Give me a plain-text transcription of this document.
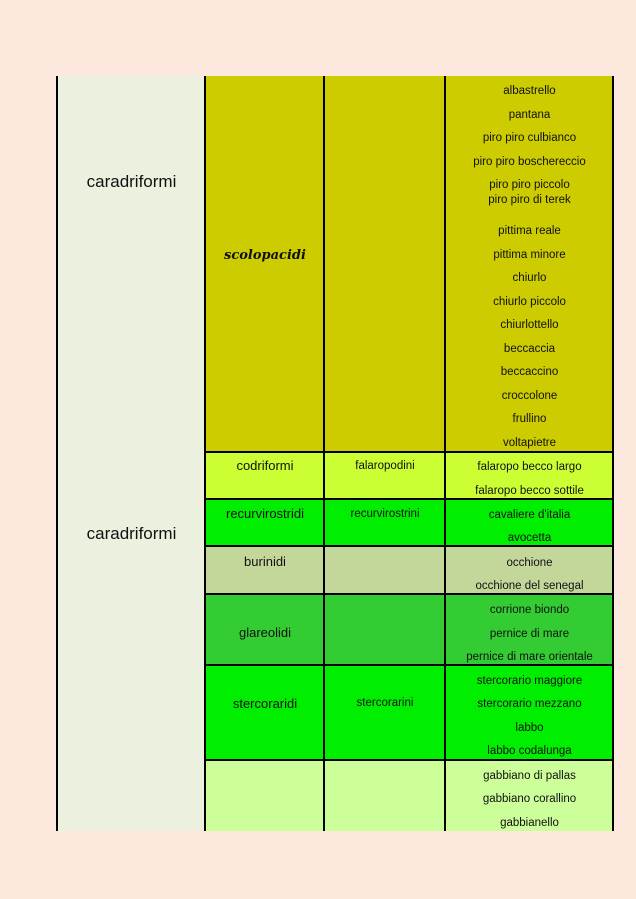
caradriformi
caradriformi
scolopacidi
codriformi
recurvirostridi
burinidi
glareolidi
stercoraridi
falaropodini
recurvirostrini
stercorarini
albastrello
pantana
piro piro culbianco
piro piro boschereccio
piro piro piccolo
piro piro di terek
pittima reale
pittima minore
chiurlo
chiurlo piccolo
chiurlottello
beccaccia
beccaccino
croccolone
frullino
voltapietre
falaropo becco largo
falaropo becco sottile
cavaliere d'italia
avocetta
occhione
occhione del senegal
corrione biondo
pernice di mare
pernice di mare orientale
stercorario maggiore
stercorario mezzano
labbo
labbo codalunga
gabbiano di pallas
gabbiano corallino
gabbianello
